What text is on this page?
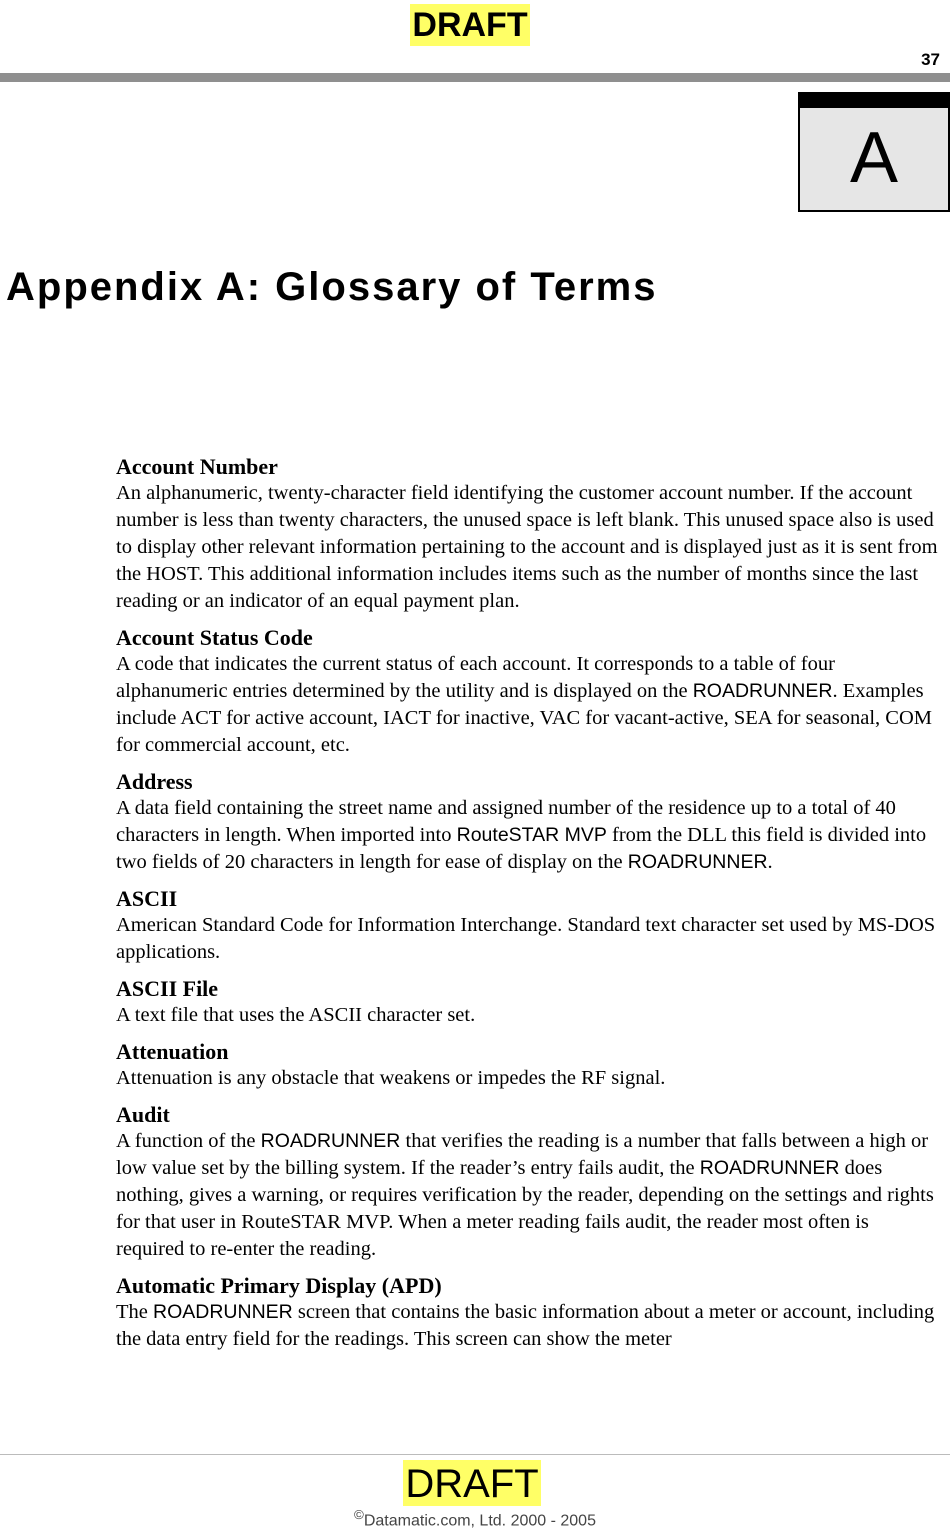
DRAFT
37
A
Appendix A: Glossary of Terms
Account Number

An alphanumeric, twenty-character field identifying the customer account number. If the account number is less than twenty characters, the unused space is left blank. This unused space also is used to display other relevant information pertaining to the account and is displayed just as it is sent from the HOST. This additional information includes items such as the number of months since the last reading or an indicator of an equal payment plan.

Account Status Code

A code that indicates the current status of each account. It corresponds to a table of four alphanumeric entries determined by the utility and is displayed on the ROADRUNNER. Examples include ACT for active account, IACT for inactive, VAC for vacant-active, SEA for seasonal, COM for commercial account, etc.

Address

A data field containing the street name and assigned number of the residence up to a total of 40 characters in length. When imported into RouteSTAR MVP from the DLL this field is divided into two fields of 20 characters in length for ease of display on the ROADRUNNER.

ASCII

American Standard Code for Information Interchange. Standard text character set used by MS-DOS applications.

ASCII File

A text file that uses the ASCII character set.

Attenuation

Attenuation is any obstacle that weakens or impedes the RF signal.

Audit

A function of the ROADRUNNER that verifies the reading is a number that falls between a high or low value set by the billing system. If the reader’s entry fails audit, the ROADRUNNER does nothing, gives a warning, or requires verification by the reader, depending on the settings and rights for that user in RouteSTAR MVP. When a meter reading fails audit, the reader most often is required to re-enter the reading.

Automatic Primary Display (APD)

The ROADRUNNER screen that contains the basic information about a meter or account, including the data entry field for the readings. This screen can show the meter

DRAFT
©Datamatic.com, Ltd. 2000 - 2005
